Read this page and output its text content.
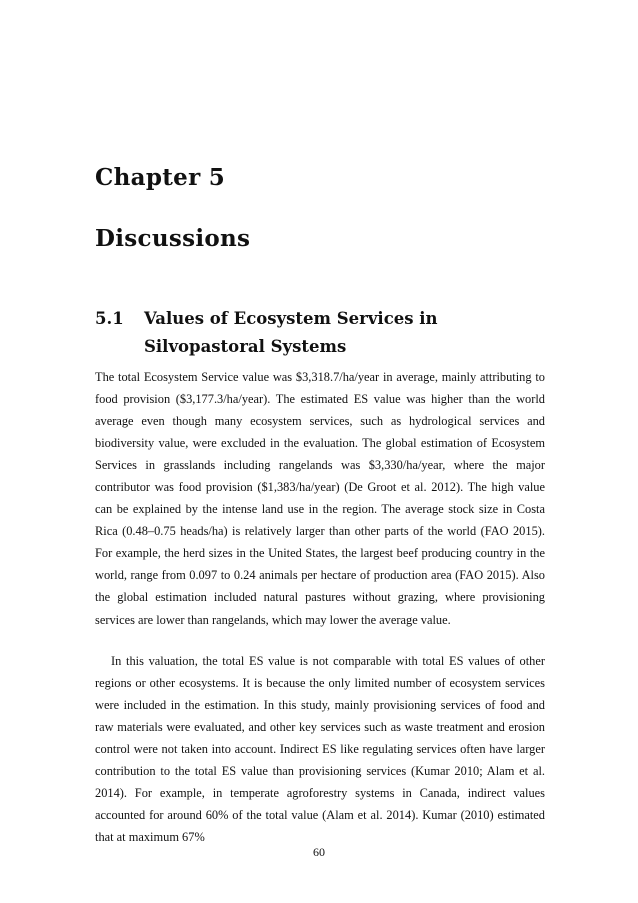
Chapter 5
Discussions
5.1 Values of Ecosystem Services in Silvopastoral Systems

The total Ecosystem Service value was $3,318.7/ha/year in average, mainly attributing to food provision ($3,177.3/ha/year). The estimated ES value was higher than the world average even though many ecosystem services, such as hydrological services and biodiversity value, were excluded in the evaluation. The global estimation of Ecosystem Services in grasslands including rangelands was $3,330/ha/year, where the major contributor was food provision ($1,383/ha/year) (De Groot et al. 2012). The high value can be explained by the intense land use in the region. The average stock size in Costa Rica (0.48–0.75 heads/ha) is relatively larger than other parts of the world (FAO 2015). For example, the herd sizes in the United States, the largest beef producing country in the world, range from 0.097 to 0.24 animals per hectare of production area (FAO 2015). Also the global estimation included natural pastures without grazing, where provisioning services are lower than rangelands, which may lower the average value.

In this valuation, the total ES value is not comparable with total ES values of other regions or other ecosystems. It is because the only limited number of ecosystem services were included in the estimation. In this study, mainly provisioning services of food and raw materials were evaluated, and other key services such as waste treatment and erosion control were not taken into account. Indirect ES like regulating services often have larger contribution to the total ES value than provisioning services (Kumar 2010; Alam et al. 2014). For example, in temperate agroforestry systems in Canada, indirect values accounted for around 60% of the total value (Alam et al. 2014). Kumar (2010) estimated that at maximum 67%

60
